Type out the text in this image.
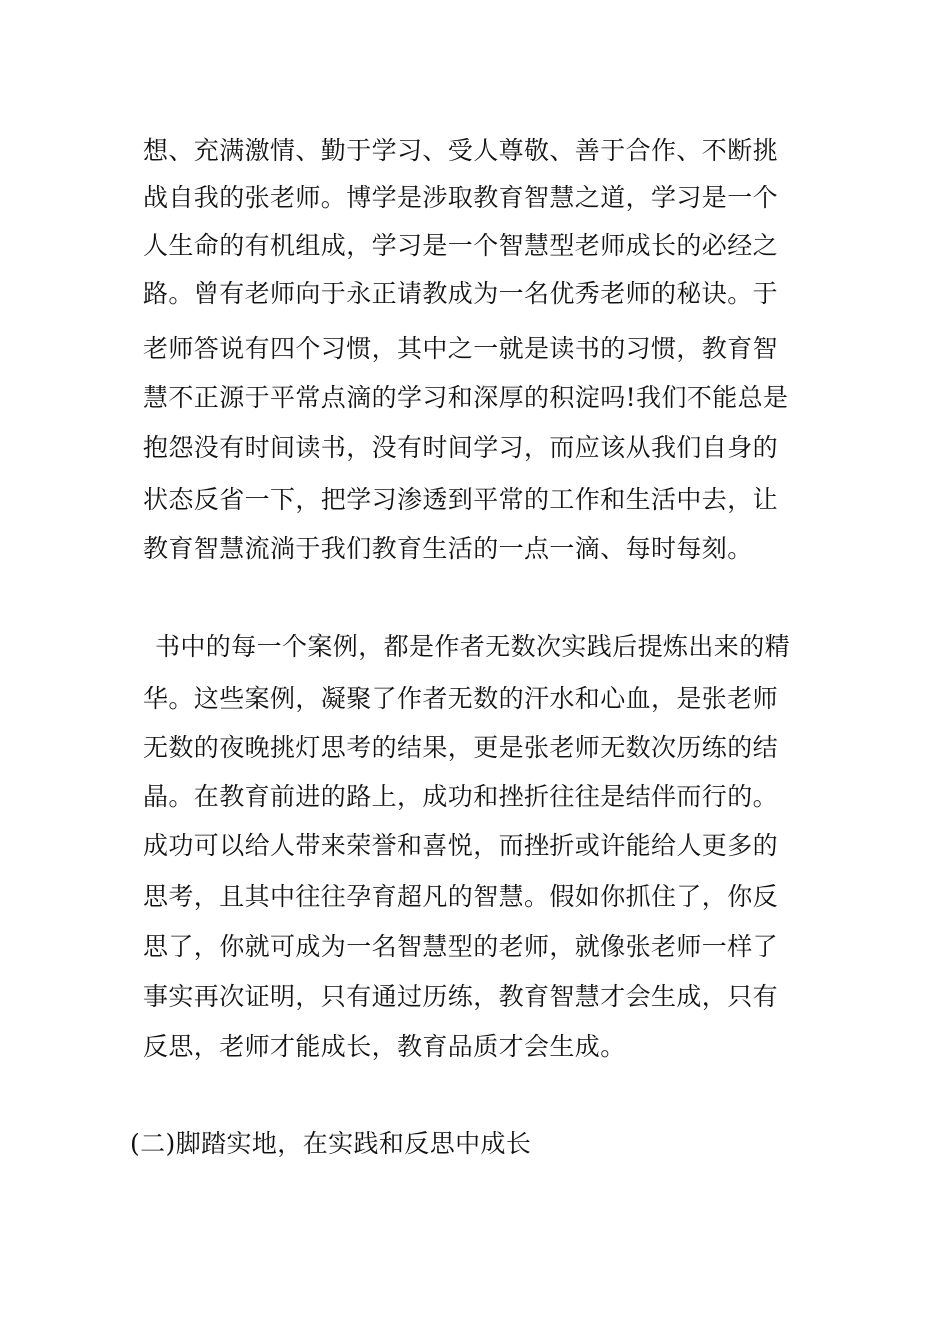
想、充满激情、勤于学习、受人尊敬、善于合作、不断挑
战自我的张老师。博学是涉取教育智慧之道，学习是一个
人生命的有机组成，学习是一个智慧型老师成长的必经之
路。曾有老师向于永正请教成为一名优秀老师的秘诀。于
老师答说有四个习惯，其中之一就是读书的习惯，教育智
慧不正源于平常点滴的学习和深厚的积淀吗!我们不能总是
抱怨没有时间读书，没有时间学习，而应该从我们自身的
状态反省一下，把学习渗透到平常的工作和生活中去，让
教育智慧流淌于我们教育生活的一点一滴、每时每刻。
书中的每一个案例，都是作者无数次实践后提炼出来的精
华。这些案例，凝聚了作者无数的汗水和心血，是张老师
无数的夜晚挑灯思考的结果，更是张老师无数次历练的结
晶。在教育前进的路上，成功和挫折往往是结伴而行的。
成功可以给人带来荣誉和喜悦，而挫折或许能给人更多的
思考，且其中往往孕育超凡的智慧。假如你抓住了，你反
思了，你就可成为一名智慧型的老师，就像张老师一样了
事实再次证明，只有通过历练，教育智慧才会生成，只有
反思，老师才能成长，教育品质才会生成。
(二)脚踏实地，在实践和反思中成长
